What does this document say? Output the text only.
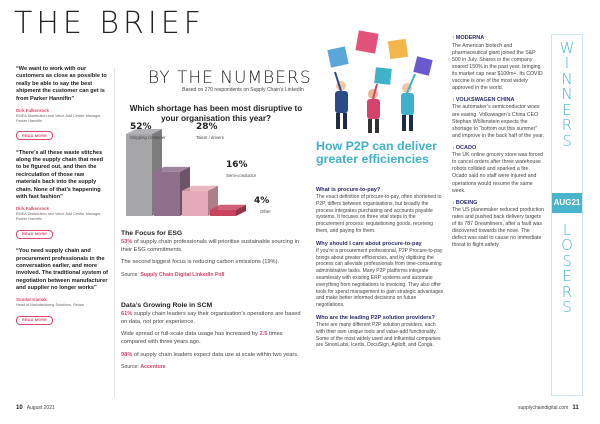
THE BRIEF
“We want to work with our customers as close as possible to really be able to say the best shipment the customer can get is from Parker Hannifin”
Dirk Falkenrock
EMEA Distribution and Value Add Center Manager, Parker Hannifin
READ MORE
“There’s all these waste stitches along the supply chain that need to be figured out, and then the recirculation of those raw materials back into the supply chain. None of that’s happening with fast fashion”
Dirk Falkenrock
EMEA Distribution and Value Add Center Manager, Parker Hannifin
READ MORE
“You need supply chain and procurement professionals in the conversation earlier, and more involved. The traditional system of negotiation between manufacturer and supplier no longer works”
Sundar Kamak
Head of Manufacturing Solutions, Relais
READ MORE
BY THE NUMBERS
Based on 270 respondents on Supply Chain’s LinkedIn
Which shortage has been most disruptive to your organisation this year?
52%
Shipping container
28%
Talent / drivers
16%
Semi-conductor
4%
Other
The Focus for ESG
53% of supply chain professionals will prioritise sustainable sourcing in their ESG commitments.
The second biggest focus is reducing carbon emissions (19%).
Source: Supply Chain Digital LinkedIn Poll
Data’s Growing Role in SCM
61% supply chain leaders say their organisation’s operations are based on data, not prior experience.
Wide spread or full-scale data usage has increased by 2.5 times compared with three years ago.
98% of supply chain leaders expect data use at scale within two years.
Source: Accenture
How P2P can deliver greater efficiencies
What is procure-to-pay?
The exact definition of procure-to-pay, often shortened to P2P, differs between organisations, but broadly the process integrates purchasing and accounts payable systems. It focuses on three vital steps in the procurement process: requisitioning goods, receiving them, and paying for them.
Why should I care about procure-to-pay
If you’re a procurement professional, P2P Procure-to-pay brings about greater efficiencies, and by digitising the process can alleviate professionals from time-consuming administrative tasks. Many P2P platforms integrate seamlessly with existing ERP systems and automate everything from negotiations to invoicing. They also offer tools for spend management to gain strategic advantages and make better informed decisions on future negotiations.
Who are the leading P2P solution providers?
There are many different P2P solution providers, each with their own unique tools and value-add functionality. Some of the most widely used and influential companies are SinonLabs, Icertis, DocuSign, Agiloft, and Conga.
↑MODERNA
The American biotech and pharmaceutical giant joined the S&P 500 in July. Shares in the company soared 150% in the past year, bringing its market cap near $100m+. Its COVID vaccine is one of the most widely approved in the world.
↑VOLKSWAGEN CHINA
The automaker’s semiconductor woes are easing. Volkswagen’s China CEO Stephan Wöllenstein expects the shortage to “bottom out this summer” and improve in the back half of the year.
↓OCADO
The UK online grocery store was forced to cancel orders after three warehouse robots collided and sparked a fire. Ocado said no staff were injured and operations would resume the same week.
↓BOEING
The US planemaker reduced production rates and pushed back delivery targets of its 787 Dreamliners, after a fault was discovered towards the nose. The defect was said to cause no immediate threat to flight safety.
W
I
N
N
E
R
S
AUG21
L
O
S
E
R
S
10 August 2021	supplychaindigital.com 11
